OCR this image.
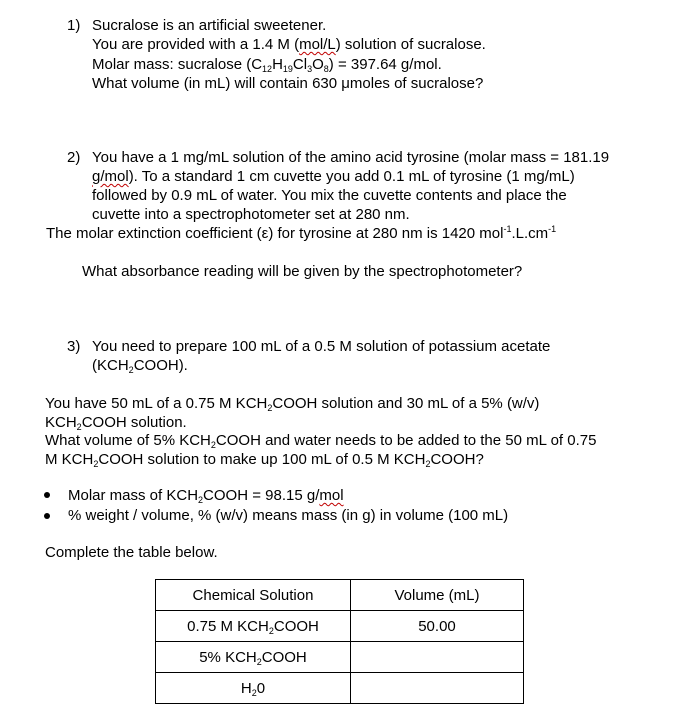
1) Sucralose is an artificial sweetener.
You are provided with a 1.4 M (mol/L) solution of sucralose.
Molar mass: sucralose $(C_{12}H_{19}Cl_3O_8) = 397.64$ g/mol.
What volume (in mL) will contain 630 μmoles of sucralose?
2) You have a 1 mg/mL solution of the amino acid tyrosine (molar mass = 181.19
g/mol). To a standard 1 cm cuvette you add 0.1 mL of tyrosine (1 mg/mL)
followed by 0.9 mL of water. You mix the cuvette contents and place the
cuvette into a spectrophotometer set at 280 nm.
The molar extinction coefficient (ε) for tyrosine at 280 nm is 1420 $mol^{-1}.L.cm^{-1}$
What absorbance reading will be given by the spectrophotometer?
3) You need to prepare 100 mL of a 0.5 M solution of potassium acetate
$(KCH_2COOH)$.
You have 50 mL of a 0.75 M $KCH_2COOH$ solution and 30 mL of a 5% (w/v)
$KCH_2COOH$ solution.
What volume of 5% $KCH_2COOH$ and water needs to be added to the 50 mL of 0.75
M $KCH_2COOH$ solution to make up 100 mL of 0.5 M $KCH_2COOH$?
Molar mass of $KCH_2COOH = 98.15$ g/mol
% weight / volume, % (w/v) means mass (in g) in volume (100 mL)
Complete the table below.
Chemical Solution	Volume (mL)
0.75 M $KCH_2COOH$	50.00
5% $KCH_2COOH$	
$H_20$	
